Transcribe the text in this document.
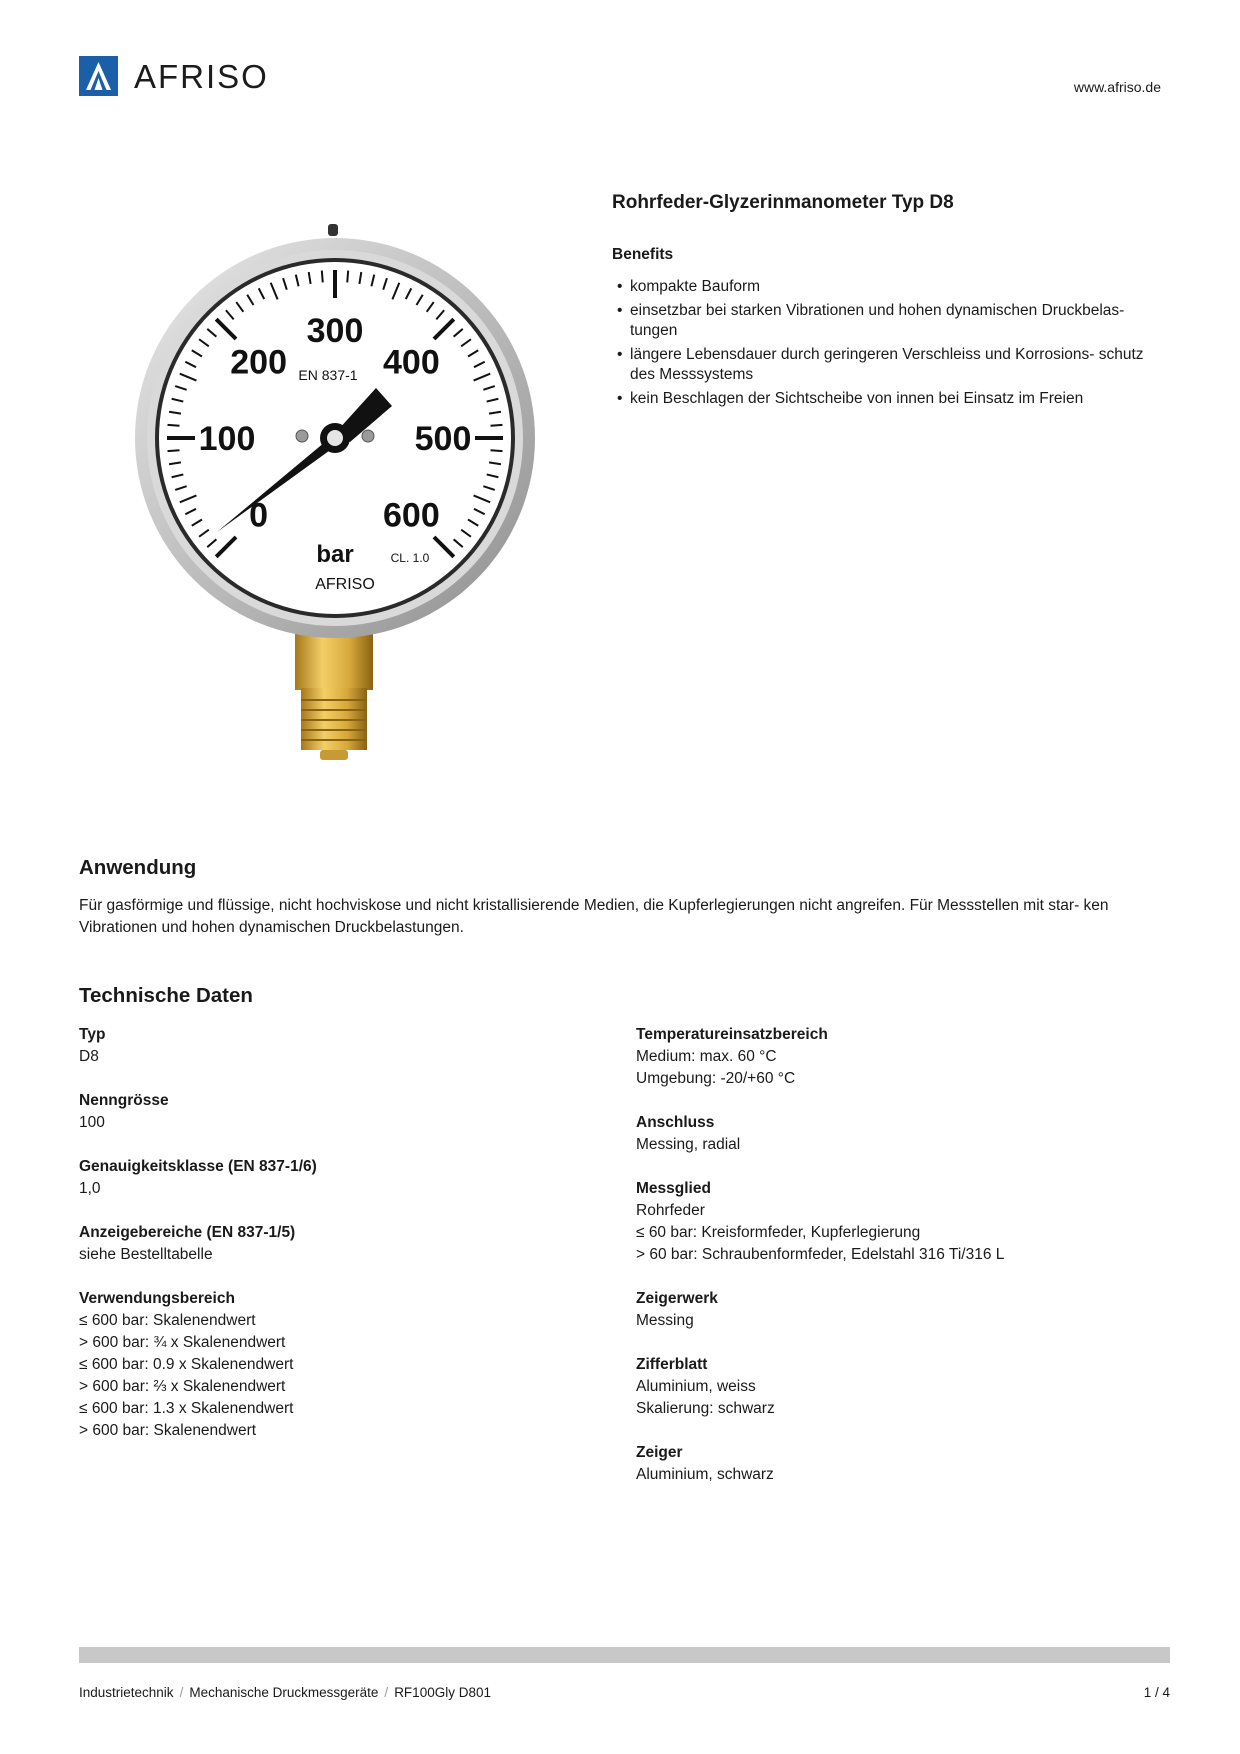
AFRISO	www.afriso.de
0
100
200
300
400
500
600
EN 837-1
bar	CL. 1.0
AFRISO
Rohrfeder-Glyzerinmanometer Typ D8
Benefits
• kompakte Bauform
• einsetzbar bei starken Vibrationen und hohen dynamischen Druckbelas- tungen
• längere Lebensdauer durch geringeren Verschleiss und Korrosions- schutz des Messsystems
• kein Beschlagen der Sichtscheibe von innen bei Einsatz im Freien
Anwendung

Für gasförmige und flüssige, nicht hochviskose und nicht kristallisierende Medien, die Kupferlegierungen nicht angreifen. Für Messstellen mit star- ken Vibrationen und hohen dynamischen Druckbelastungen.

Technische Daten
Typ
D8
Nenngrösse
100
Genauigkeitsklasse (EN 837-1/6)
1,0
Anzeigebereiche (EN 837-1/5)
siehe Bestelltabelle
Verwendungsbereich
≤ 600 bar: Skalenendwert
> 600 bar: ¾ x Skalenendwert
≤ 600 bar: 0.9 x Skalenendwert
> 600 bar: ⅔ x Skalenendwert
≤ 600 bar: 1.3 x Skalenendwert
> 600 bar: Skalenendwert
Temperatureinsatzbereich
Medium: max. 60 °C
Umgebung: -20/+60 °C
Anschluss
Messing, radial
Messglied
Rohrfeder
≤ 60 bar: Kreisformfeder, Kupferlegierung
> 60 bar: Schraubenformfeder, Edelstahl 316 Ti/316 L
Zeigerwerk
Messing
Zifferblatt
Aluminium, weiss
Skalierung: schwarz
Zeiger
Aluminium, schwarz
Industrietechnik / Mechanische Druckmessgeräte / RF100Gly D801	1 / 4
